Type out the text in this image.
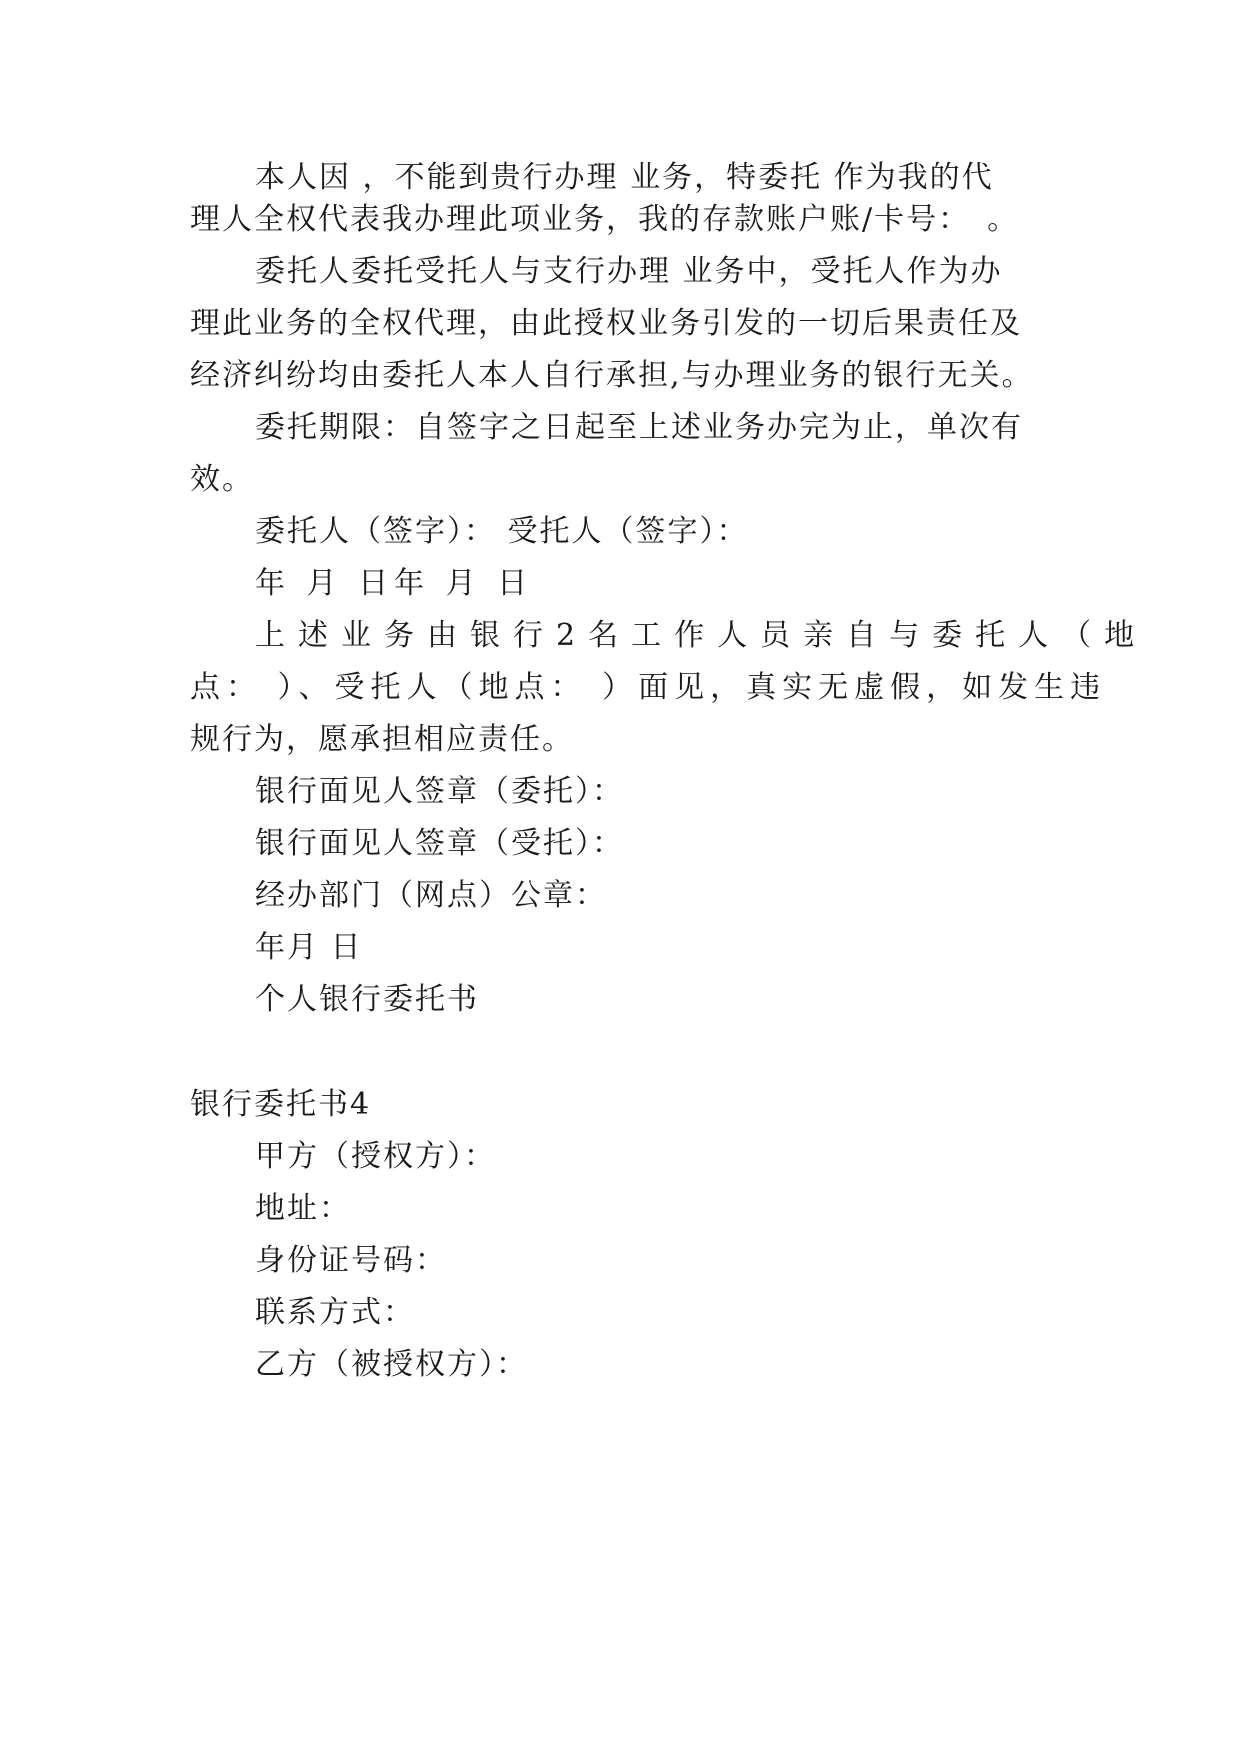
本人因 ，不能到贵行办理 业务，特委托 作为我的代
理人全权代表我办理此项业务，我的存款账户账/卡号：　。
委托人委托受托人与支行办理 业务中，受托人作为办
理此业务的全权代理，由此授权业务引发的一切后果责任及
经济纠纷均由委托人本人自行承担,与办理业务的银行无关。
委托期限：自签字之日起至上述业务办完为止，单次有
效。
委托人（签字）： 受托人（签字）：
年 月 日年 月 日
上述业务由银行2名工作人员亲自与委托人（地
点： ）、受托人（地点： ）面见，真实无虚假，如发生违
规行为，愿承担相应责任。
银行面见人签章（委托）：
银行面见人签章（受托）：
经办部门（网点）公章：
年月 日
个人银行委托书
银行委托书4
甲方（授权方）：
地址：
身份证号码：
联系方式：
乙方（被授权方）：
